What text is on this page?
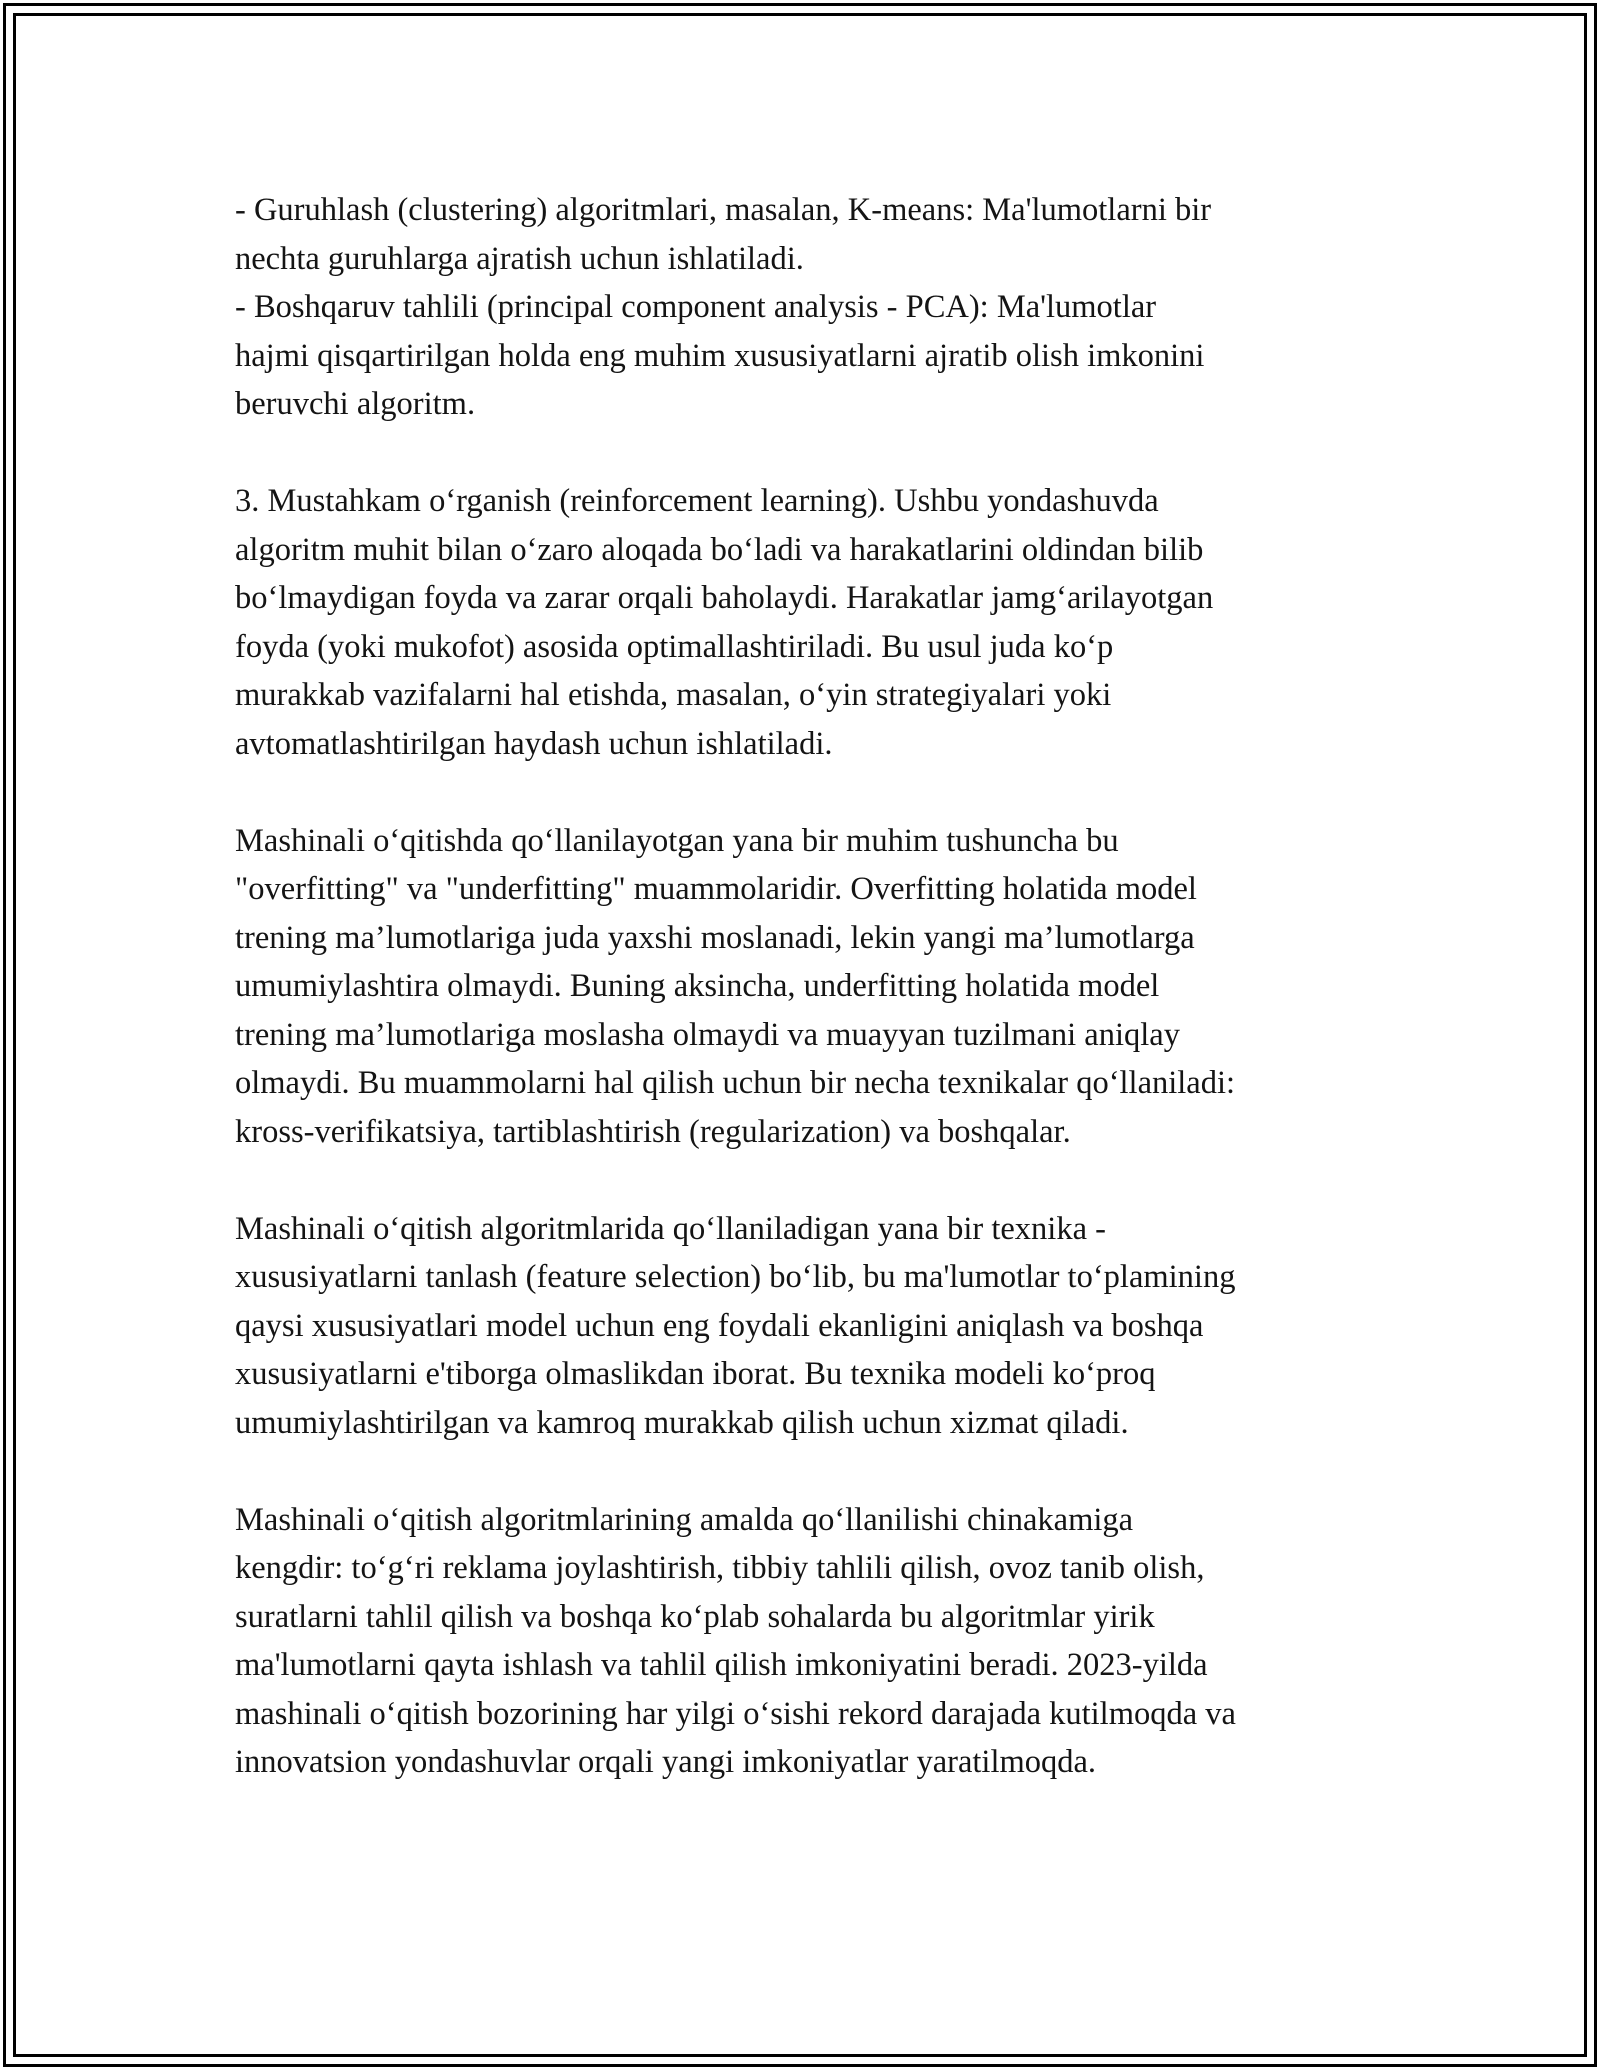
- Guruhlash (clustering) algoritmlari, masalan, K-means: Ma'lumotlarni bir
nechta guruhlarga ajratish uchun ishlatiladi.
- Boshqaruv tahlili (principal component analysis - PCA): Ma'lumotlar
hajmi qisqartirilgan holda eng muhim xususiyatlarni ajratib olish imkonini
beruvchi algoritm.
3. Mustahkam o‘rganish (reinforcement learning). Ushbu yondashuvda
algoritm muhit bilan o‘zaro aloqada bo‘ladi va harakatlarini oldindan bilib
bo‘lmaydigan foyda va zarar orqali baholaydi. Harakatlar jamg‘arilayotgan
foyda (yoki mukofot) asosida optimallashtiriladi. Bu usul juda ko‘p
murakkab vazifalarni hal etishda, masalan, o‘yin strategiyalari yoki
avtomatlashtirilgan haydash uchun ishlatiladi.
Mashinali o‘qitishda qo‘llanilayotgan yana bir muhim tushuncha bu
"overfitting" va "underfitting" muammolaridir. Overfitting holatida model
trening ma’lumotlariga juda yaxshi moslanadi, lekin yangi ma’lumotlarga
umumiylashtira olmaydi. Buning aksincha, underfitting holatida model
trening ma’lumotlariga moslasha olmaydi va muayyan tuzilmani aniqlay
olmaydi. Bu muammolarni hal qilish uchun bir necha texnikalar qo‘llaniladi:
kross-verifikatsiya, tartiblashtirish (regularization) va boshqalar.
Mashinali o‘qitish algoritmlarida qo‘llaniladigan yana bir texnika -
xususiyatlarni tanlash (feature selection) bo‘lib, bu ma'lumotlar to‘plamining
qaysi xususiyatlari model uchun eng foydali ekanligini aniqlash va boshqa
xususiyatlarni e'tiborga olmaslikdan iborat. Bu texnika modeli ko‘proq
umumiylashtirilgan va kamroq murakkab qilish uchun xizmat qiladi.
Mashinali o‘qitish algoritmlarining amalda qo‘llanilishi chinakamiga
kengdir: to‘g‘ri reklama joylashtirish, tibbiy tahlili qilish, ovoz tanib olish,
suratlarni tahlil qilish va boshqa ko‘plab sohalarda bu algoritmlar yirik
ma'lumotlarni qayta ishlash va tahlil qilish imkoniyatini beradi. 2023-yilda
mashinali o‘qitish bozorining har yilgi o‘sishi rekord darajada kutilmoqda va
innovatsion yondashuvlar orqali yangi imkoniyatlar yaratilmoqda.
